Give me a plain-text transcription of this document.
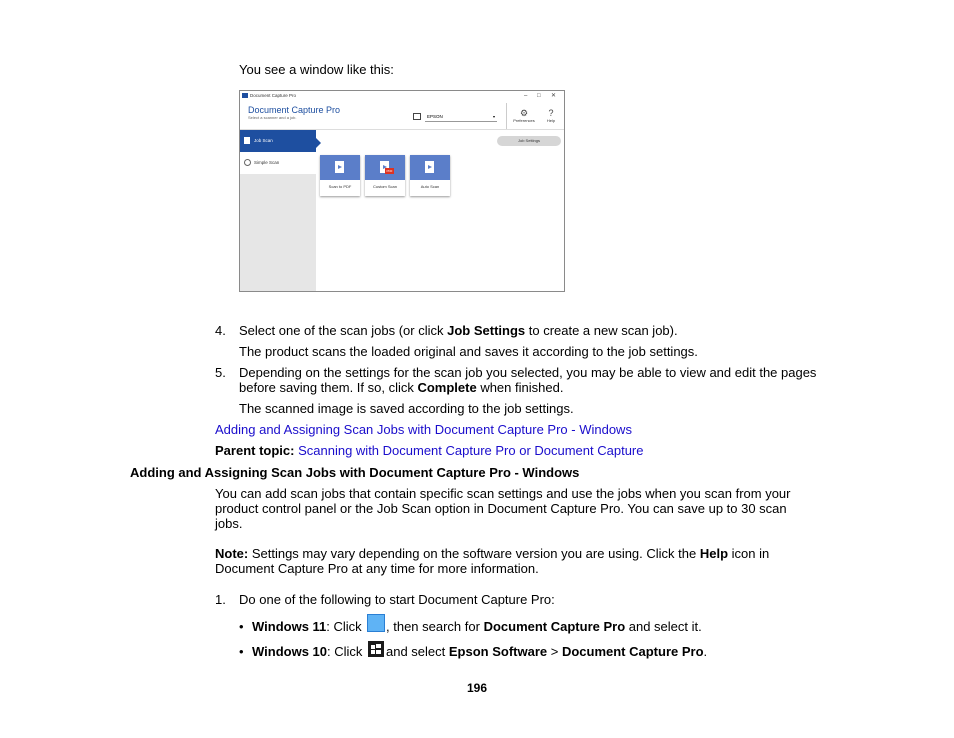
You see a window like this:
Document Capture Pro	– □ ✕
Document Capture Pro
Select a scanner and a job.	EPSON	▾	⚙
Preferences
?
Help
Job Scan
Simple Scan
Job Settings
Scan to PDF
PDF
Custom Scan	Auto Scan
4. Select one of the scan jobs (or click Job Settings to create a new scan job).
The product scans the loaded original and saves it according to the job settings.
5. Depending on the settings for the scan job you selected, you may be able to view and edit the pages
before saving them. If so, click Complete when finished.
The scanned image is saved according to the job settings.
Adding and Assigning Scan Jobs with Document Capture Pro - Windows
Parent topic: Scanning with Document Capture Pro or Document Capture
Adding and Assigning Scan Jobs with Document Capture Pro - Windows
You can add scan jobs that contain specific scan settings and use the jobs when you scan from your
product control panel or the Job Scan option in Document Capture Pro. You can save up to 30 scan
jobs.
Note: Settings may vary depending on the software version you are using. Click the Help icon in
Document Capture Pro at any time for more information.
1. Do one of the following to start Document Capture Pro:
• Windows 11: Click , then search for Document Capture Pro and select it.
• Windows 10: Click and select Epson Software > Document Capture Pro.
196
